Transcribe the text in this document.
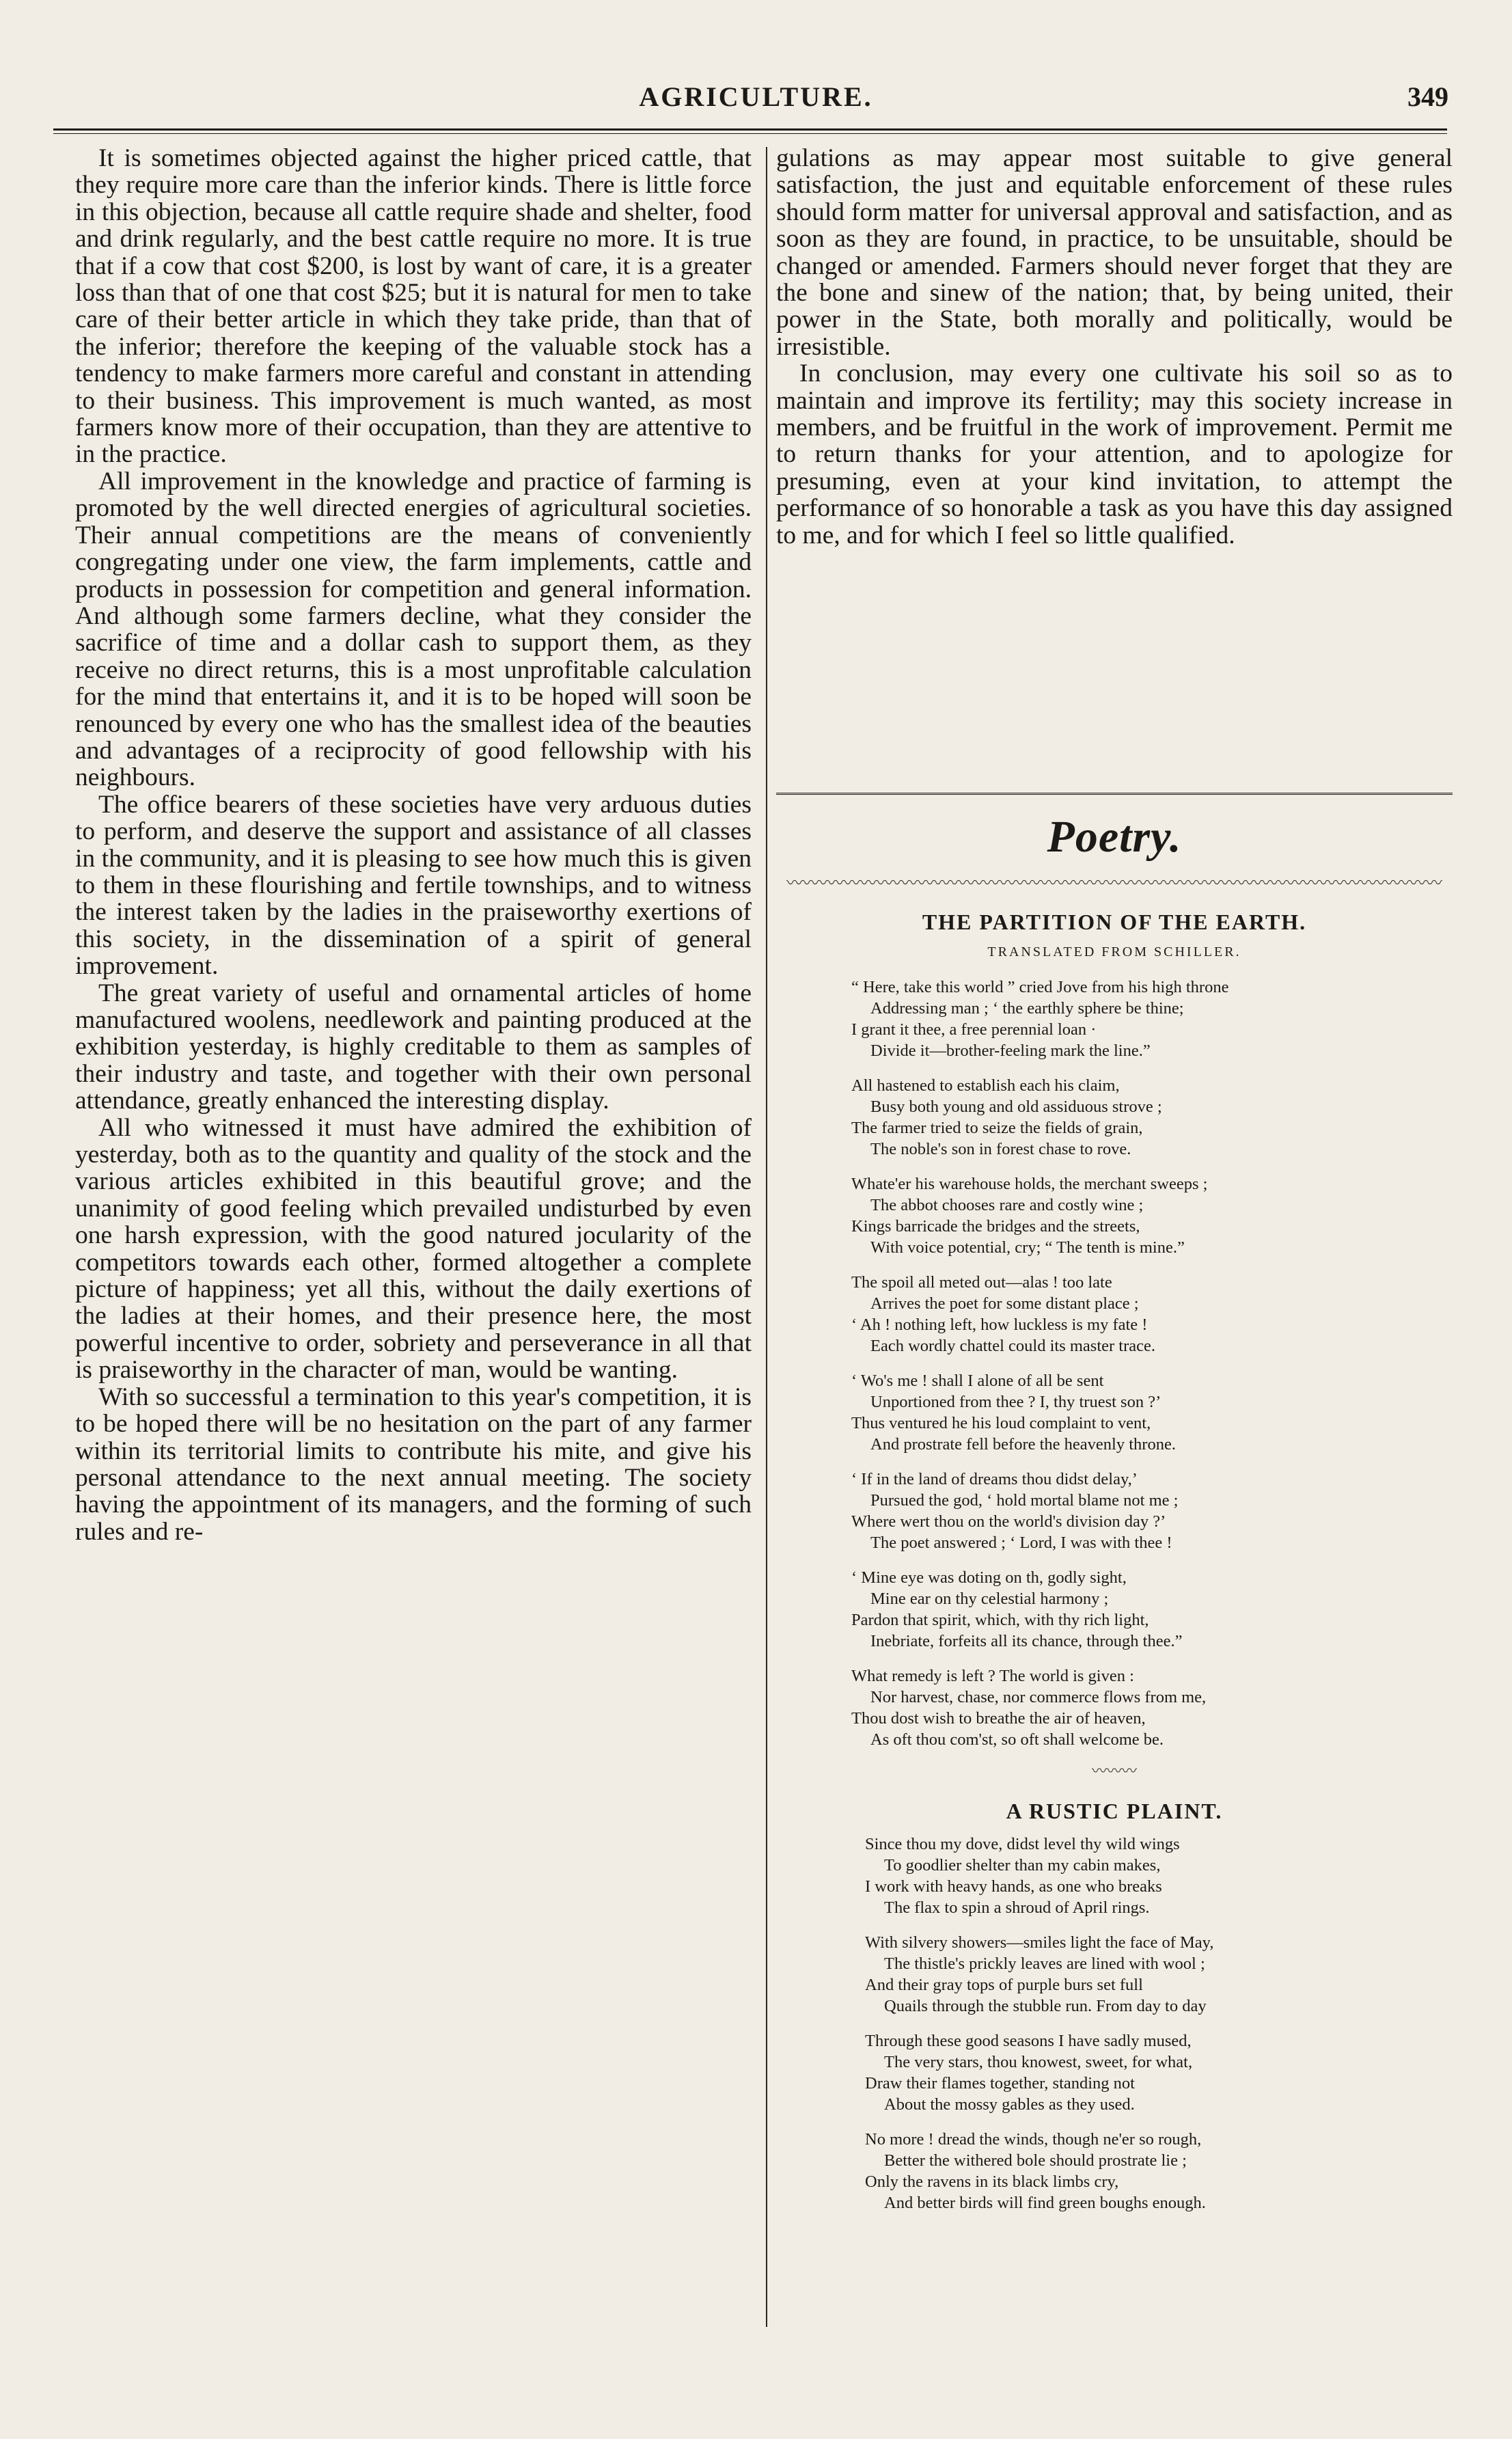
AGRICULTURE.	349

It is sometimes objected against the higher priced cattle, that they require more care than the inferior kinds. There is little force in this objection, because all cattle require shade and shelter, food and drink regularly, and the best cattle require no more. It is true that if a cow that cost $200, is lost by want of care, it is a greater loss than that of one that cost $25; but it is natural for men to take care of their better article in which they take pride, than that of the inferior; therefore the keeping of the valuable stock has a tendency to make farmers more careful and constant in attending to their business. This improvement is much wanted, as most farmers know more of their occupation, than they are attentive to in the practice.

All improvement in the knowledge and practice of farming is promoted by the well directed energies of agricultural societies. Their annual competitions are the means of conveniently congregating under one view, the farm implements, cattle and products in possession for competition and general information. And although some farmers decline, what they consider the sacrifice of time and a dollar cash to support them, as they receive no direct returns, this is a most unprofitable calculation for the mind that entertains it, and it is to be hoped will soon be renounced by every one who has the smallest idea of the beauties and advantages of a reciprocity of good fellowship with his neighbours.

The office bearers of these societies have very arduous duties to perform, and deserve the support and assistance of all classes in the community, and it is pleasing to see how much this is given to them in these flourishing and fertile townships, and to witness the interest taken by the ladies in the praiseworthy exertions of this society, in the dissemination of a spirit of general improvement.

The great variety of useful and ornamental articles of home manufactured woolens, needlework and painting produced at the exhibition yesterday, is highly creditable to them as samples of their industry and taste, and together with their own personal attendance, greatly enhanced the interesting display.

All who witnessed it must have admired the exhibition of yesterday, both as to the quantity and quality of the stock and the various articles exhibited in this beautiful grove; and the unanimity of good feeling which prevailed undisturbed by even one harsh expression, with the good natured jocularity of the competitors towards each other, formed altogether a complete picture of happiness; yet all this, without the daily exertions of the ladies at their homes, and their presence here, the most powerful incentive to order, sobriety and perseverance in all that is praiseworthy in the character of man, would be wanting.

With so successful a termination to this year's competition, it is to be hoped there will be no hesitation on the part of any farmer within its territorial limits to contribute his mite, and give his personal attendance to the next annual meeting. The society having the appointment of its managers, and the forming of such rules and re-

gulations as may appear most suitable to give general satisfaction, the just and equitable enforcement of these rules should form matter for universal approval and satisfaction, and as soon as they are found, in practice, to be unsuitable, should be changed or amended. Farmers should never forget that they are the bone and sinew of the nation; that, by being united, their power in the State, both morally and politically, would be irresistible.

In conclusion, may every one cultivate his soil so as to maintain and improve its fertility; may this society increase in members, and be fruitful in the work of improvement. Permit me to return thanks for your attention, and to apologize for presuming, even at your kind invitation, to attempt the performance of so honorable a task as you have this day assigned to me, and for which I feel so little qualified.

Poetry.
〰〰〰〰〰〰〰〰〰〰〰〰〰〰〰〰〰〰〰〰〰〰〰〰〰〰〰〰〰〰〰〰〰〰〰〰〰〰〰〰
THE PARTITION OF THE EARTH.
TRANSLATED FROM SCHILLER.
“ Here, take this world ” cried Jove from his high throne
Addressing man ; ‘ the earthly sphere be thine;
I grant it thee, a free perennial loan ·
Divide it—brother-feeling mark the line.”
All hastened to establish each his claim,
Busy both young and old assiduous strove ;
The farmer tried to seize the fields of grain,
The noble's son in forest chase to rove.
Whate'er his warehouse holds, the merchant sweeps ;
The abbot chooses rare and costly wine ;
Kings barricade the bridges and the streets,
With voice potential, cry; “ The tenth is mine.”
The spoil all meted out—alas ! too late
Arrives the poet for some distant place ;
‘ Ah ! nothing left, how luckless is my fate !
Each wordly chattel could its master trace.
‘ Wo's me ! shall I alone of all be sent
Unportioned from thee ? I, thy truest son ?’
Thus ventured he his loud complaint to vent,
And prostrate fell before the heavenly throne.
‘ If in the land of dreams thou didst delay,’
Pursued the god, ‘ hold mortal blame not me ;
Where wert thou on the world's division day ?’
The poet answered ; ‘ Lord, I was with thee !
‘ Mine eye was doting on th, godly sight,
Mine ear on thy celestial harmony ;
Pardon that spirit, which, with thy rich light,
Inebriate, forfeits all its chance, through thee.”
What remedy is left ? The world is given :
Nor harvest, chase, nor commerce flows from me,
Thou dost wish to breathe the air of heaven,
As oft thou com'st, so oft shall welcome be.
〰〰〰
A RUSTIC PLAINT.
Since thou my dove, didst level thy wild wings
To goodlier shelter than my cabin makes,
I work with heavy hands, as one who breaks
The flax to spin a shroud of April rings.
With silvery showers—smiles light the face of May,
The thistle's prickly leaves are lined with wool ;
And their gray tops of purple burs set full
Quails through the stubble run. From day to day
Through these good seasons I have sadly mused,
The very stars, thou knowest, sweet, for what,
Draw their flames together, standing not
About the mossy gables as they used.
No more ! dread the winds, though ne'er so rough,
Better the withered bole should prostrate lie ;
Only the ravens in its black limbs cry,
And better birds will find green boughs enough.
